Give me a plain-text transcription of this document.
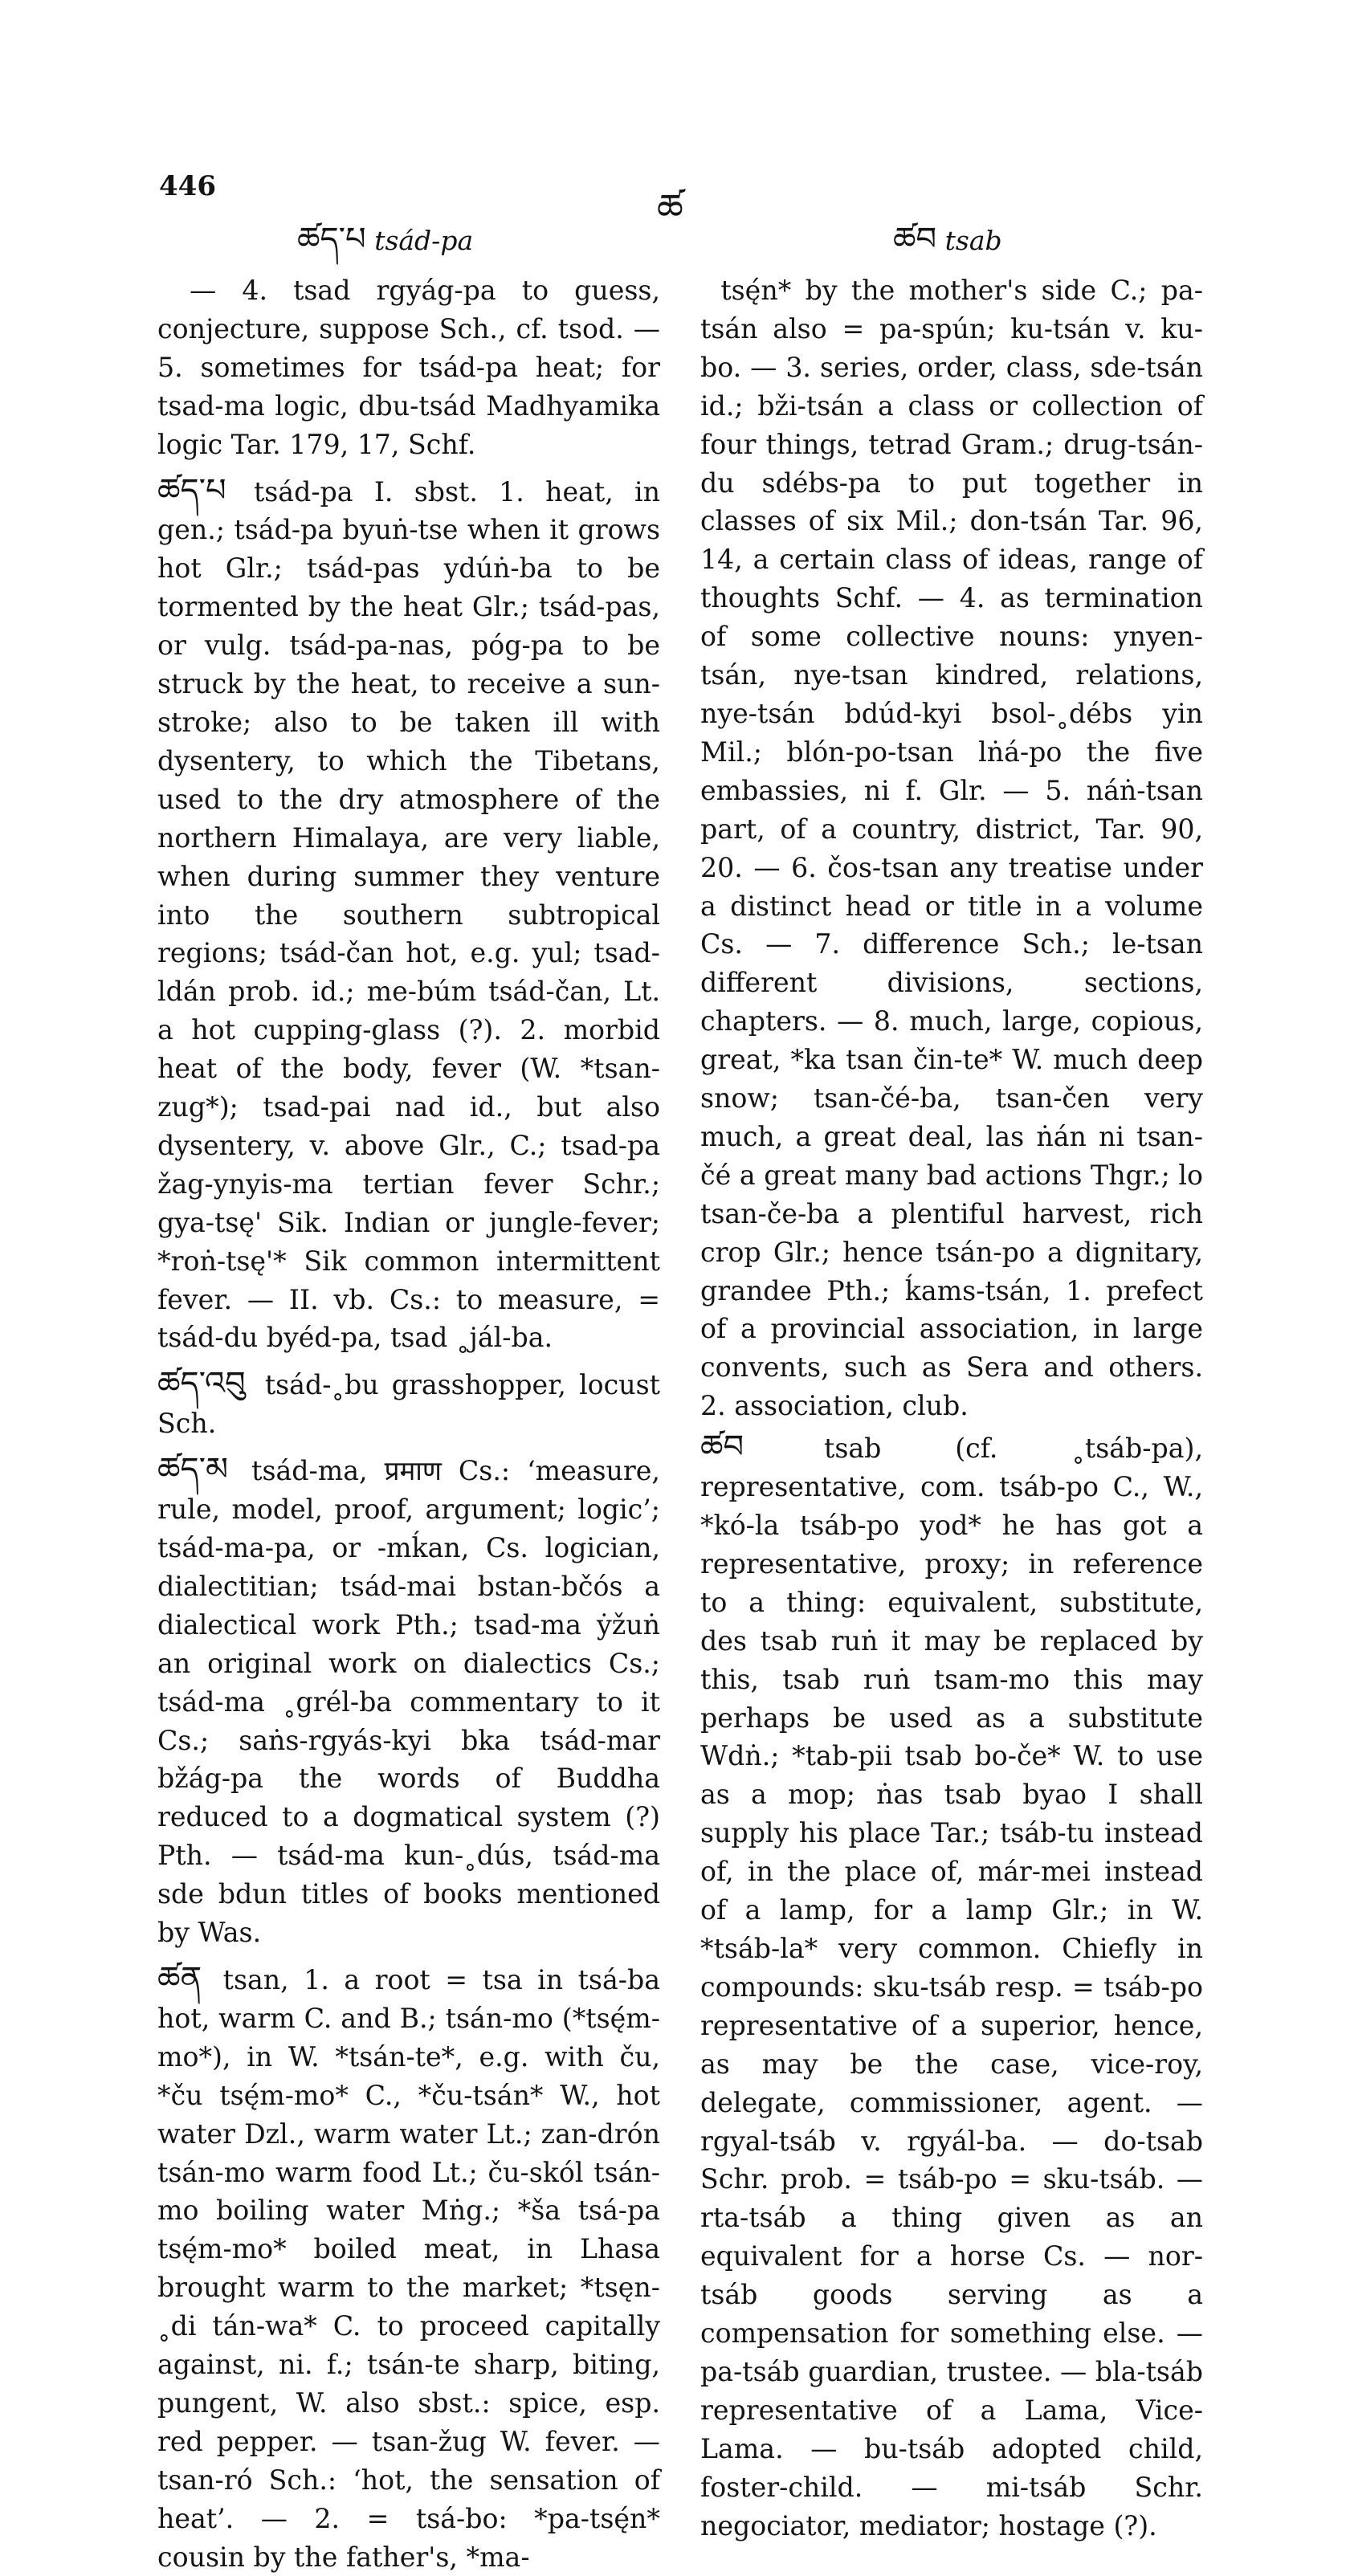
446
ཚད་པ tsád-pa
ཚ
ཚབ tsab

— 4. tsad rgyág-pa to guess, conjecture, suppose Sch., cf. tsod. — 5. sometimes for tsád-pa heat; for tsad-ma logic, dbu-tsád Madhyamika logic Tar. 179, 17, Schf.

ཚད་པ tsád-pa I. sbst. 1. heat, in gen.; tsád-pa byuṅ-tse when it grows hot Glr.; tsád-pas ydúṅ-ba to be tormented by the heat Glr.; tsád-pas, or vulg. tsád-pa-nas, póg-pa to be struck by the heat, to receive a sun-stroke; also to be taken ill with dysentery, to which the Tibetans, used to the dry atmosphere of the northern Himalaya, are very liable, when during summer they venture into the southern subtropical regions; tsád-čan hot, e.g. yul; tsad-ldán prob. id.; me-búm tsád-čan, Lt. a hot cupping-glass (?). 2. morbid heat of the body, fever (W. *tsan-zug*); tsad-pai nad id., but also dysentery, v. above Glr., C.; tsad-pa žag-ynyis-ma tertian fever Schr.; gya-tsę' Sik. Indian or jungle-fever; *roṅ-tsę'* Sik common intermittent fever. — II. vb. Cs.: to measure, = tsád-du byéd-pa, tsad ˳jál-ba.

ཚད་འབུ tsád-˳bu grasshopper, locust Sch.

ཚད་མ tsád-ma, प्रमाण Cs.: ‘measure, rule, model, proof, argument; logic’; tsád-ma-pa, or -mḱan, Cs. logician, dialectitian; tsád-mai bstan-bčós a dialectical work Pth.; tsad-ma ẏžuṅ an original work on dialectics Cs.; tsád-ma ˳grél-ba commentary to it Cs.; saṅs-rgyás-kyi bka tsád-mar bžág-pa the words of Buddha reduced to a dogmatical system (?) Pth. — tsád-ma kun-˳dús, tsád-ma sde bdun titles of books mentioned by Was.

ཚན tsan, 1. a root = tsa in tsá-ba hot, warm C. and B.; tsán-mo (*tsę́m-mo*), in W. *tsán-te*, e.g. with ču, *ču tsę́m-mo* C., *ču-tsán* W., hot water Dzl., warm water Lt.; zan-drón tsán-mo warm food Lt.; ču-skól tsán-mo boiling water Mṅg.; *ša tsá-pa tsę́m-mo* boiled meat, in Lhasa brought warm to the market; *tsęn-˳di tán-wa* C. to proceed capitally against, ni. f.; tsán-te sharp, biting, pungent, W. also sbst.: spice, esp. red pepper. — tsan-žug W. fever. — tsan-ró Sch.: ‘hot, the sensation of heat’. — 2. = tsá-bo: *pa-tsę́n* cousin by the father's, *ma-

tsę́n* by the mother's side C.; pa-tsán also = pa-spún; ku-tsán v. ku-bo. — 3. series, order, class, sde-tsán id.; bži-tsán a class or collection of four things, tetrad Gram.; drug-tsán-du sdébs-pa to put together in classes of six Mil.; don-tsán Tar. 96, 14, a certain class of ideas, range of thoughts Schf. — 4. as termination of some collective nouns: ynyen-tsán, nye-tsan kindred, relations, nye-tsán bdúd-kyi bsol-˳débs yin Mil.; blón-po-tsan lṅá-po the five embassies, ni f. Glr. — 5. náṅ-tsan part, of a country, district, Tar. 90, 20. — 6. čos-tsan any treatise under a distinct head or title in a volume Cs. — 7. difference Sch.; le-tsan different divisions, sections, chapters. — 8. much, large, copious, great, *ka tsan čin-te* W. much deep snow; tsan-čé-ba, tsan-čen very much, a great deal, las ṅán ni tsan-čé a great many bad actions Thgr.; lo tsan-če-ba a plentiful harvest, rich crop Glr.; hence tsán-po a dignitary, grandee Pth.; ḱams-tsán, 1. prefect of a provincial association, in large convents, such as Sera and others. 2. association, club.

ཚབ	tsab (cf. ˳tsáb-pa), representative, com. tsáb-po C., W., *kó-la tsáb-po yod* he has got a representative, proxy; in reference to a thing: equivalent, substitute, des tsab ruṅ it may be replaced by this, tsab ruṅ tsam-mo this may perhaps be used as a substitute Wdṅ.; *tab-pii tsab bo-če* W. to use as a mop; ṅas tsab byao I shall supply his place Tar.; tsáb-tu instead of, in the place of, már-mei instead of a lamp, for a lamp Glr.; in W. *tsáb-la* very common. Chiefly in compounds: sku-tsáb resp. = tsáb-po representative of a superior, hence, as may be the case, vice-roy, delegate, commissioner, agent. — rgyal-tsáb v. rgyál-ba. — do-tsab Schr. prob. = tsáb-po = sku-tsáb. — rta-tsáb a thing given as an equivalent for a horse Cs. — nor-tsáb goods serving as a compensation for something else. — pa-tsáb guardian, trustee. — bla-tsáb representative of a Lama, Vice-Lama. — bu-tsáb adopted child, foster-child. — mi-tsáb Schr. negociator, mediator; hostage (?).
